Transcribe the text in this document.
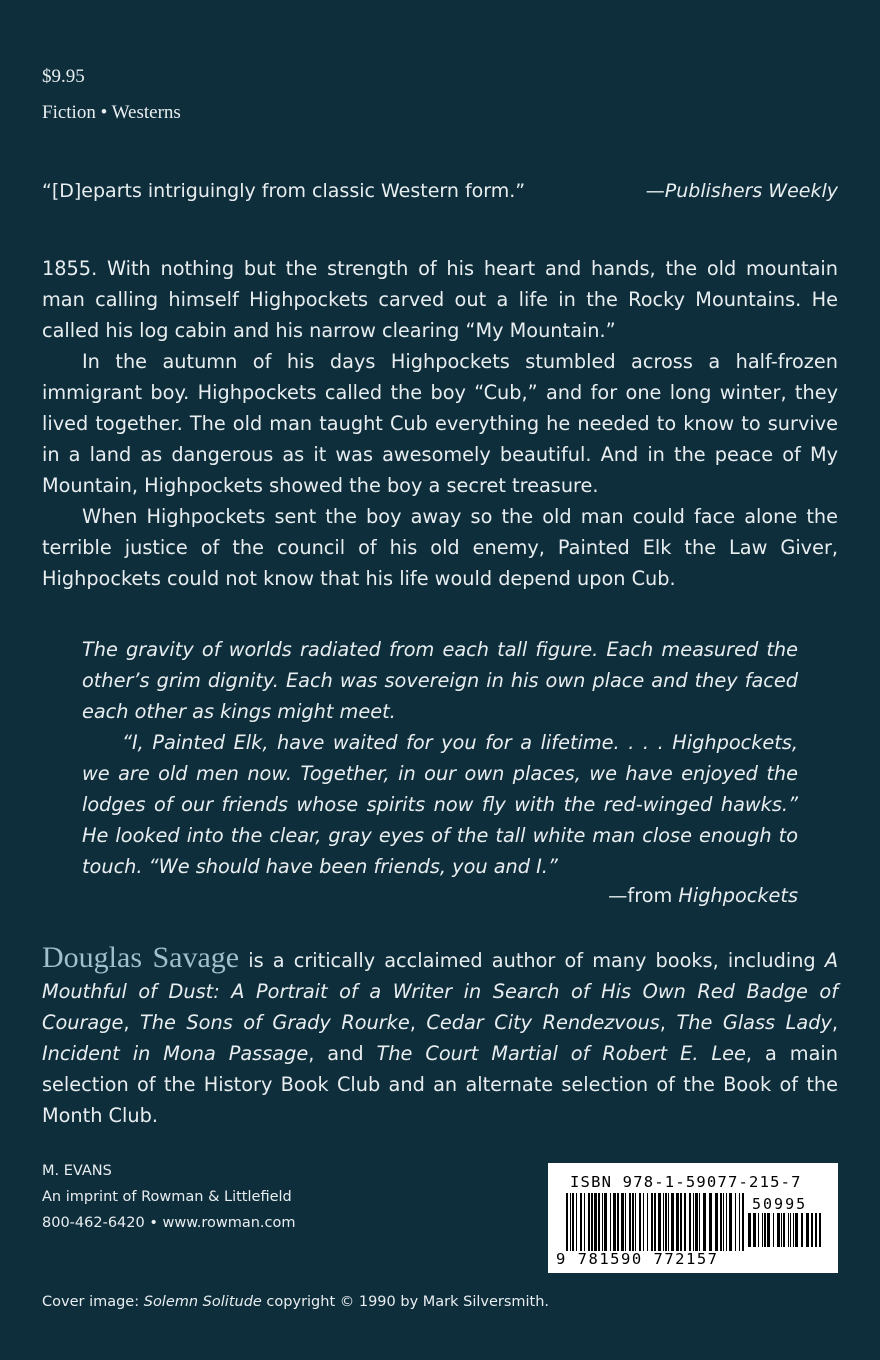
$9.95
Fiction • Westerns
“[D]eparts intriguingly from classic Western form.”	—Publishers Weekly

1855. With nothing but the strength of his heart and hands, the old mountain man calling himself Highpockets carved out a life in the Rocky Mountains. He called his log cabin and his narrow clearing “My Mountain.”

In the autumn of his days Highpockets stumbled across a half-frozen immigrant boy. Highpockets called the boy “Cub,” and for one long winter, they lived together. The old man taught Cub everything he needed to know to survive in a land as dangerous as it was awesomely beautiful. And in the peace of My Mountain, Highpockets showed the boy a secret treasure.

When Highpockets sent the boy away so the old man could face alone the terrible justice of the council of his old enemy, Painted Elk the Law Giver, Highpockets could not know that his life would depend upon Cub.

The gravity of worlds radiated from each tall figure. Each measured the other’s grim dignity. Each was sovereign in his own place and they faced each other as kings might meet.

“I, Painted Elk, have waited for you for a lifetime. . . . Highpockets, we are old men now. Together, in our own places, we have enjoyed the lodges of our friends whose spirits now fly with the red-winged hawks.” He looked into the clear, gray eyes of the tall white man close enough to touch. “We should have been friends, you and I.”

—from Highpockets

Douglas Savage is a critically acclaimed author of many books, including A Mouthful of Dust: A Portrait of a Writer in Search of His Own Red Badge of Courage, The Sons of Grady Rourke, Cedar City Rendezvous, The Glass Lady, Incident in Mona Passage, and The Court Martial of Robert E. Lee, a main selection of the History Book Club and an alternate selection of the Book of the Month Club.

M. EVANS
An imprint of Rowman & Littlefield
800-462-6420 • www.rowman.com
ISBN 978-1-59077-215-7
50995
9 781590 772157
Cover image: Solemn Solitude copyright © 1990 by Mark Silversmith.
